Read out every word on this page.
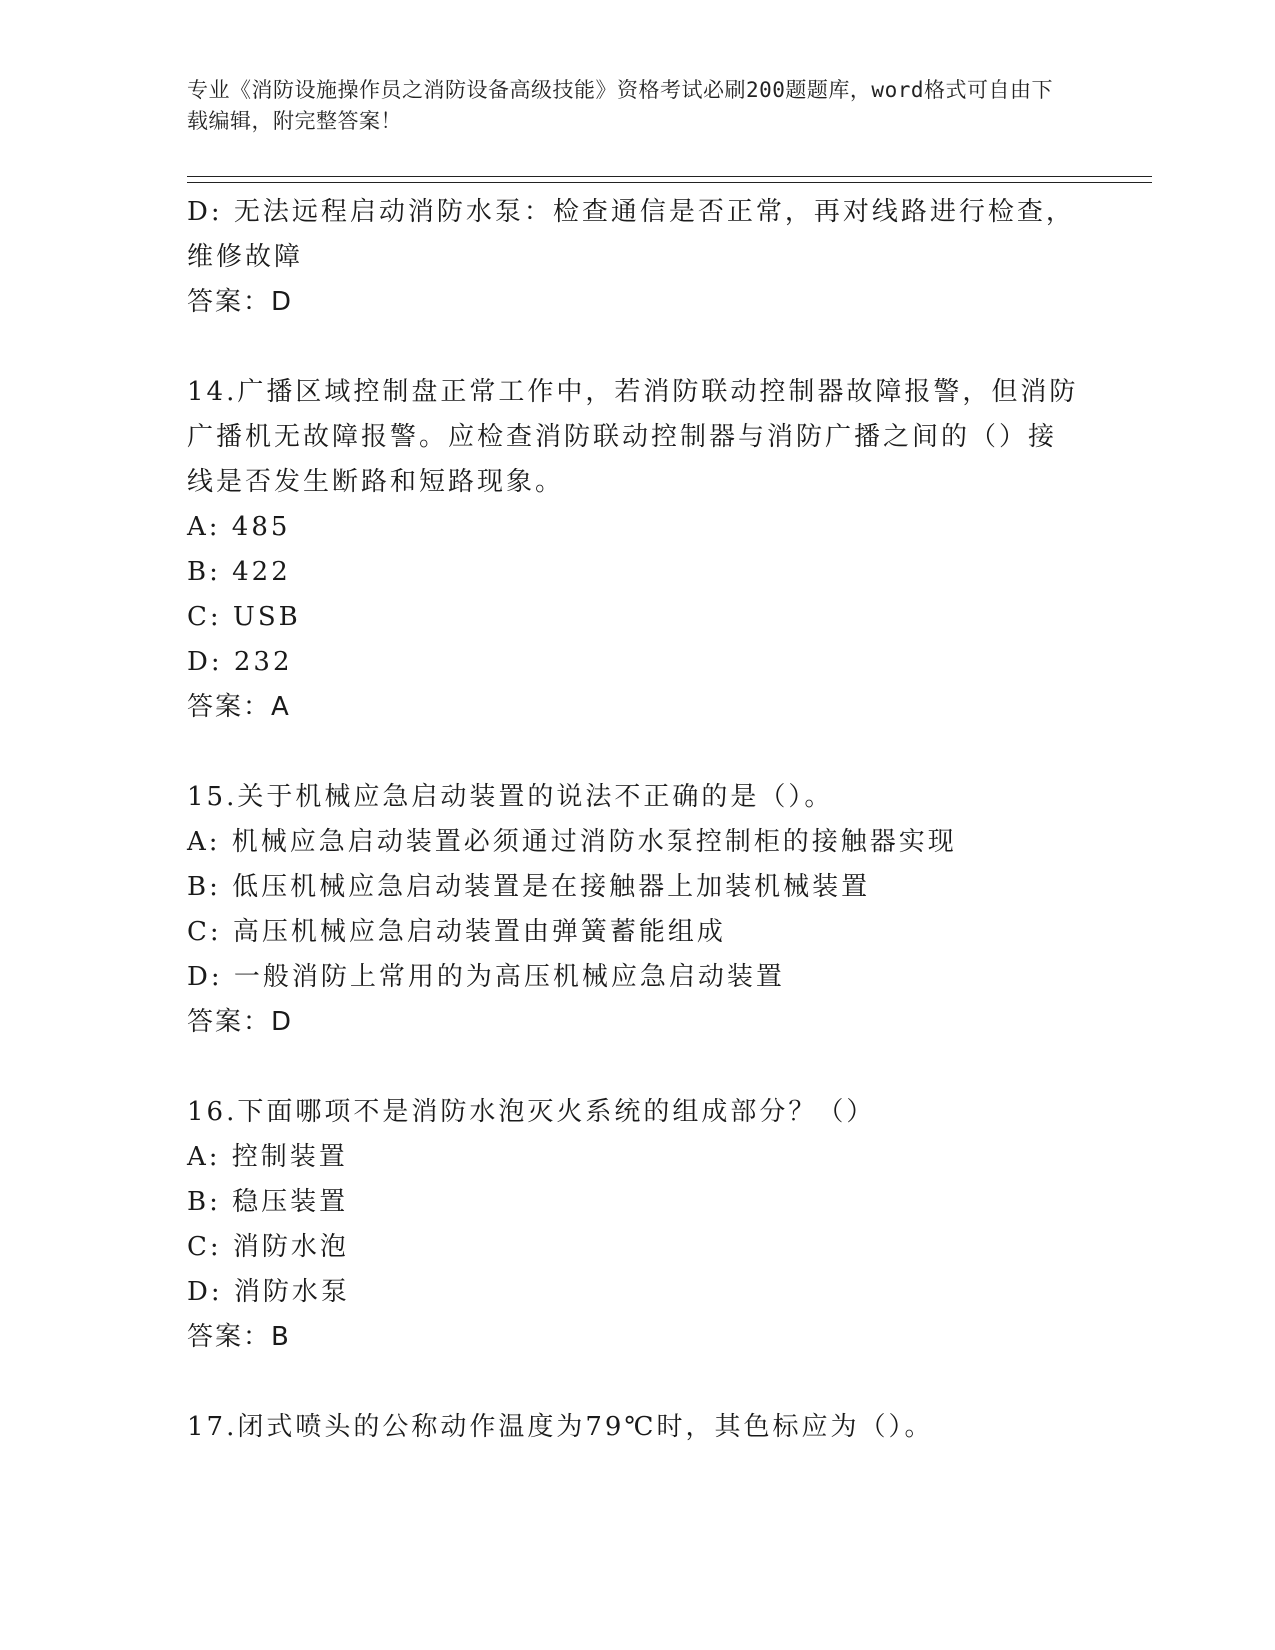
专业《消防设施操作员之消防设备高级技能》资格考试必刷200题题库，word格式可自由下载编辑，附完整答案！
D: 无法远程启动消防水泵：检查通信是否正常，再对线路进行检查，
维修故障
答案：D
14.广播区域控制盘正常工作中，若消防联动控制器故障报警，但消防
广播机无故障报警。应检查消防联动控制器与消防广播之间的（）接
线是否发生断路和短路现象。
A: 485
B: 422
C: USB
D: 232
答案：A
15.关于机械应急启动装置的说法不正确的是（）。
A: 机械应急启动装置必须通过消防水泵控制柜的接触器实现
B: 低压机械应急启动装置是在接触器上加装机械装置
C: 高压机械应急启动装置由弹簧蓄能组成
D: 一般消防上常用的为高压机械应急启动装置
答案：D
16.下面哪项不是消防水泡灭火系统的组成部分？（）
A: 控制装置
B: 稳压装置
C: 消防水泡
D: 消防水泵
答案：B
17.闭式喷头的公称动作温度为79℃时，其色标应为（）。
